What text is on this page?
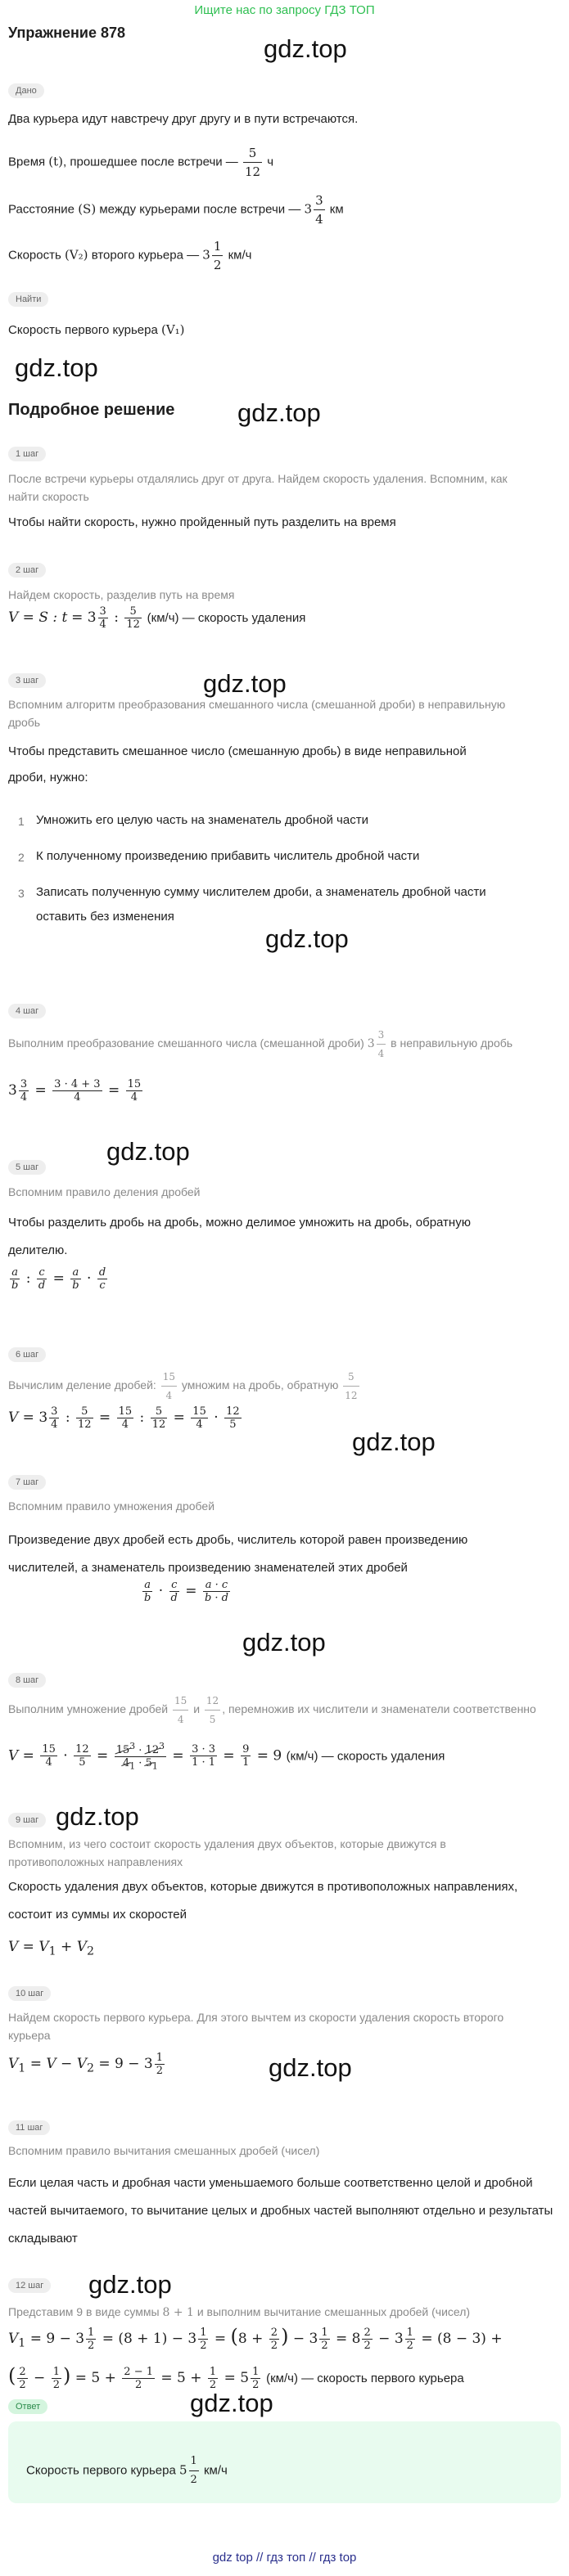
Ищите нас по запросу ГДЗ ТОП
gdz.top
gdz.top
gdz.top
gdz.top
gdz.top
gdz.top
gdz.top
gdz.top
gdz.top
gdz.top
gdz.top
gdz.top
Упражнение 878
Дано
Два курьера идут навстречу друг другу и в пути встречаются.
Время (t), прошедшее после встречи — $\frac{5}{12}$ ч
Расстояние (S) между курьерами после встречи — $3 \frac{3}{4}$ км
Скорость (V₂) второго курьера — $3 \frac{1}{2} км/ч$
Найти
Скорость первого курьера (V₁)
Подробное решение
1 шаг
После встречи курьеры отдалялись друг от друга. Найдем скорость удаления. Вспомним, как найти скорость
Чтобы найти скорость, нужно пройденный путь разделить на время
2 шаг
Найдем скорость, разделив путь на время
V = S : $t = 3 \frac{3}{4}$ : $\frac{5}{12} (км/ч)$ — скорость удаления
3 шаг
Вспомним алгоритм преобразования смешанного числа (смешанной дроби) в неправильную дробь
Чтобы представить смешанное число (смешанную дробь) в виде неправильной дроби, нужно:
1 Умножить его целую часть на знаменатель дробной части
2 К полученному произведению прибавить числитель дробной части
3 Записать полученную сумму числителем дроби, а знаменатель дробной части оставить без изменения
4 шаг
Выполним преобразование смешанного числа (смешанной дроби) $3 \frac{3}{4}$ в неправильную дробь
$3 \frac{3}{4} = \frac{3 \cdot 4 + 3}{4} = \frac{15}{4}$
5 шаг
Вспомним правило деления дробей
Чтобы разделить дробь на дробь, можно делимое умножить на дробь, обратную делителю.
$\frac{a}{b}$ : $\frac{c}{d} = \frac{a}{b} \cdot \frac{d}{c}$
6 шаг
Вычислим деление дробей: $\frac{15}{4}$ умножим на дробь, обратную $\frac{5}{12}$
$V = 3 \frac{3}{4}$ : $\frac{5}{12} = \frac{15}{4}$ : $\frac{5}{12} = \frac{15}{4} \cdot \frac{12}{5}$
7 шаг
Вспомним правило умножения дробей
Произведение двух дробей есть дробь, числитель которой равен произведению числителей, а знаменатель произведению знаменателей этих дробей
$\frac{a}{b} \cdot \frac{c}{d} = \frac{a \cdot c}{b \cdot d}$
8 шаг
Выполним умножение дробей $\frac{15}{4}$ и $\frac{12}{5}$ , перемножив их числители и знаменатели соответственно
$V = \frac{15}{4} \cdot \frac{12}{5} = \frac{15^3 \cdot 12^3}{4_1 \cdot 5_1} = \frac{3 \cdot 3}{1 \cdot 1} = \frac{9}{1} = 9$ (км/ч) — скорость удаления
9 шаг
Вспомним, из чего состоит скорость удаления двух объектов, которые движутся в противоположных направлениях
Скорость удаления двух объектов, которые движутся в противоположных направлениях, состоит из суммы их скоростей
$V = V_1 + V_2$
10 шаг
Найдем скорость первого курьера. Для этого вычтем из скорости удаления скорость второго курьера
$V_1 = V - V_2 = 9 - 3 \frac{1}{2}$
11 шаг
Вспомним правило вычитания смешанных дробей (чисел)
Если целая часть и дробная части уменьшаемого больше соответственно целой и дробной частей вычитаемого, то вычитание целых и дробных частей выполняют отдельно и результаты складывают
12 шаг
Представим 9 в виде суммы 8 + 1 и выполним вычитание смешанных дробей (чисел)
$V_1 = 9 - 3 \frac{1}{2} = (8 + 1) - 3 \frac{1}{2} = (8 + \frac{2}{2}$ ) − $3 \frac{1}{2} = 8 \frac{2}{2} - 3 \frac{1}{2} = (8 - 3)$ +
( $\frac{2}{2} - \frac{1}{2}$ ) = $5 + \frac{2 - 1}{2} = 5 + \frac{1}{2} = 5 \frac{1}{2} (км/ч)$ — скорость первого курьера
Ответ
Скорость первого курьера $5 \frac{1}{2} км/ч$
gdz top // гдз топ // гдз top
